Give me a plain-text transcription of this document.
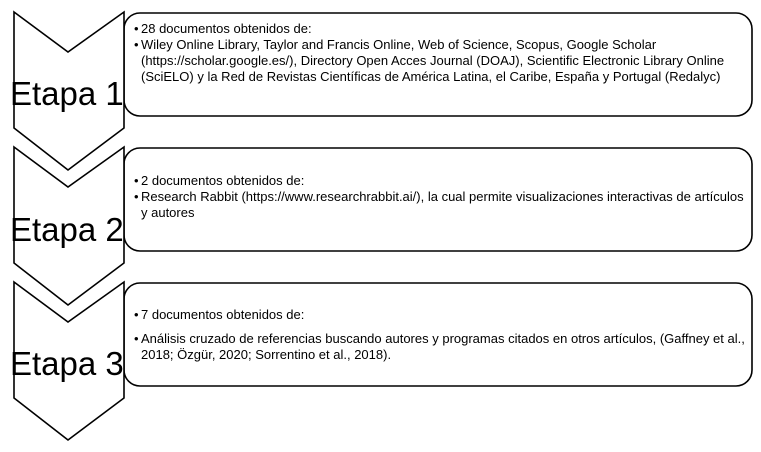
Etapa 1
Etapa 2
Etapa 3

• 28 documentos obtenidos de:

• Wiley Online Library, Taylor and Francis Online, Web of Science, Scopus, Google Scholar (https://scholar.google.es/), Directory Open Acces Journal (DOAJ), Scientific Electronic Library Online (SciELO) y la Red de Revistas Científicas de América Latina, el Caribe, España y Portugal (Redalyc)

• 2 documentos obtenidos de:

• Research Rabbit (https://www.researchrabbit.ai/), la cual permite visualizaciones interactivas de artículos y autores

• 7 documentos obtenidos de:

• Análisis cruzado de referencias buscando autores y programas citados en otros artículos, (Gaffney et al., 2018; Özgür, 2020; Sorrentino et al., 2018).
